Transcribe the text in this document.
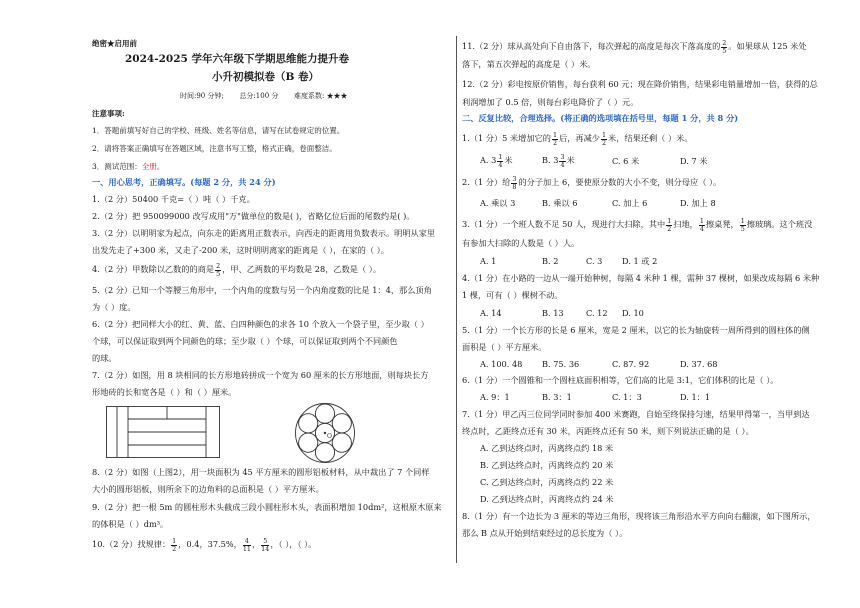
绝密★启用前
2024-2025 学年六年级下学期思维能力提升卷
小升初模拟卷（B 卷）
时间:90 分钟; 总分:100 分 难度系数: ★★★
注意事项:
1．答题前填写好自己的学校、班级、姓名等信息，请写在试卷规定的位置。
2．请将答案正确填写在答题区域，注意书写工整，格式正确，卷面整洁。
3．测试范围：全册。
一、用心思考，正确填写。(每题 2 分，共 24 分)
1.（2 分）50400 千克=（ ）吨（ ）千克。
2.（2 分）把 950099000 改写成用"万"做单位的数是( )，省略亿位后面的尾数约是( )。
3.（2 分）以明明家为起点，向东走的距离用正数表示，向西走的距离用负数表示。明明从家里
出发先走了+300 米，又走了-200 米，这时明明离家的距离是（ ），在家的（ ）。
4.（2 分）甲数除以乙数的的商是 $\frac{2}{5}$ ，甲、乙两数的平均数是 28，乙数是（ ）。
5.（2 分）已知一个等腰三角形中，一个内角的度数与另一个内角度数的比是 1：4，那么顶角
为（ ）度。
6.（2 分）把同样大小的红、黄、蓝、白四种颜色的求各 10 个放入一个袋子里，至少取（ ）
个球，可以保证取到两个同颜色的球；至少取（ ）个球，可以保证取到两个不同颜色
的球。
7.（2 分）如图，用 8 块相同的长方形地砖拼成一个宽为 60 厘米的长方形地面，则每块长方
形地砖的长和宽各是（ ）和（ ）厘米。
O
8.（2 分）如图（上图2），用一块面积为 45 平方厘米的圆形铝板材料，从中裁出了 7 个同样
大小的圆形铝板，则所余下的边角料的总面积是（ ）平方厘米。
9.（2 分）把一根 5m 的圆柱形木头截成三段小圆柱形木头，表面积增加 10dm²，这根原木原来
的体积是（ ）dm³。
10.（2 分）找规律： $\frac{1}{2}$ ，0.4，37.5%， $\frac{4}{11}$ ， $\frac{5}{14}$ ，（ ），（ ）。
11.（2 分）球从高处向下自由落下，每次弹起的高度是每次下落高度的 $\frac{2}{5}$ 。如果球从 125 米处
落下，第五次弹起的高度是（ ）米。
12.（2 分）彩电按原价销售，每台获利 60 元；现在降价销售，结果彩电销量增加一倍，获得的总
利润增加了 0.5 倍，则每台彩电降价了（ ）元。
二、反复比较，合理选择。(将正确的选项填在括号里，每题 1 分，共 8 分)
1.（1 分）5 米增加它的 $\frac{1}{2}$ 后，再减少 $\frac{1}{2}$ 米，结果还剩（ ）米。
A. $3 \frac{1}{4}$ 米	B. $3 \frac{3}{4}$ 米	C. 6 米	D. 7 米
2.（1 分）给 $\frac{3}{8}$ 的分子加上 6，要使原分数的大小不变，则分母应（ ）。
A. 乘以 3	B. 乘以 6	C. 加上 6	D. 加上 8
3.（1 分）一个班人数不足 50 人，现进行大扫除，其中 $\frac{1}{2}$ 扫地， $\frac{1}{4}$ 擦桌凳， $\frac{1}{5}$ 擦玻璃。这个班没
有参加大扫除的人数是（ ）人。
A. 1	B. 2	C. 3 D. 1 或 2
4.（1 分）在小路的一边从一端开始种树，每隔 4 米种 1 棵，需种 37 棵树，如果改成每隔 6 米种
1 棵，可有（ ）棵树不动。
A. 14	B. 13	C. 12 D. 10
5.（1 分）一个长方形的长是 6 厘米，宽是 2 厘米，以它的长为轴旋转一周所得到的圆柱体的侧
面积是（ ）平方厘米。
A. 100. 48 B. 75. 36	C. 87. 92	D. 37. 68
6.（1 分）一个圆锥和一个圆柱底面积相等，它们高的比是 3:1，它们体积的比是（ ）。
A. 9：1	B. 3：1	C. 1：3	D. 1：1
7.（1 分）甲乙丙三位同学同时参加 400 米赛跑，自始至终保持匀速，结果甲得第一，当甲到达
终点时，乙距终点还有 30 米，丙距终点还有 50 米，则下列说法正确的是（ ）。
A. 乙到达终点时，丙离终点约 18 米
B. 乙到达终点时，丙离终点约 20 米
C. 乙到达终点时，丙离终点约 22 米
D. 乙到达终点时，丙离终点约 24 米
8.（1 分）有一个边长为 3 厘米的等边三角形，现将该三角形沿水平方向向右翻滚，如下图所示，
那么 B 点从开始到结束经过的总长度为（ ）。
